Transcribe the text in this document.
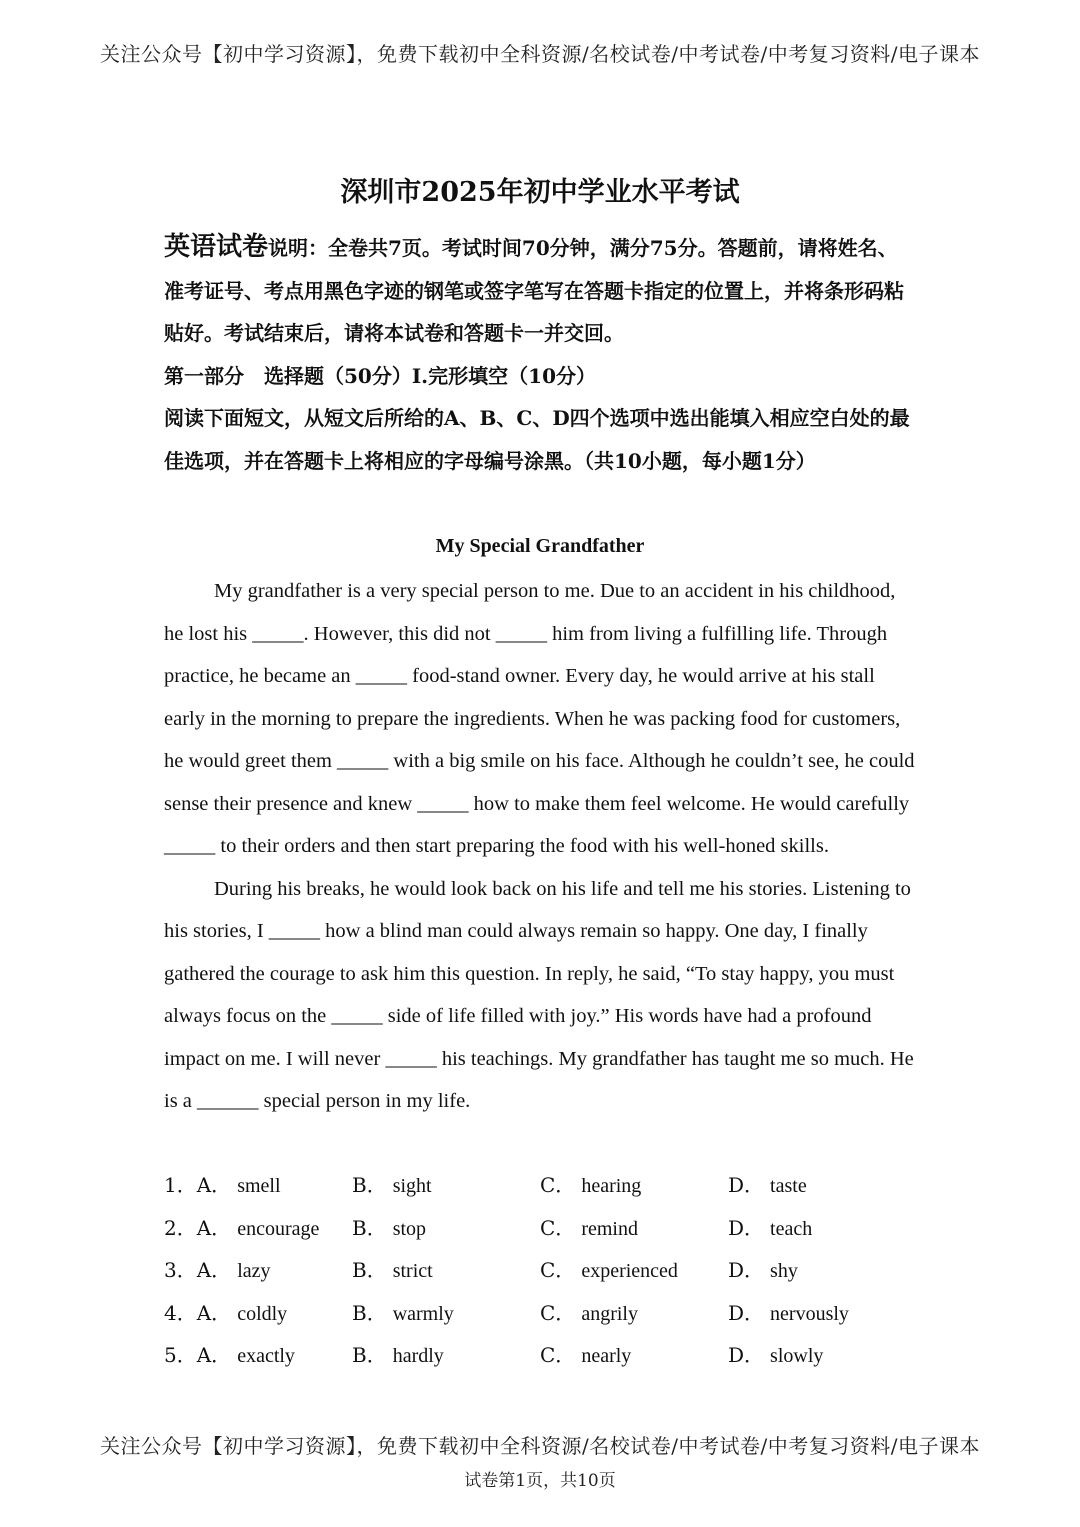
关注公众号【初中学习资源】，免费下载初中全科资源/名校试卷/中考试卷/中考复习资料/电子课本
深圳市2025年初中学业水平考试

英语试卷说明：全卷共7页。考试时间70分钟，满分75分。答题前，请将姓名、准考证号、考点用黑色字迹的钢笔或签字笔写在答题卡指定的位置上，并将条形码粘贴好。考试结束后，请将本试卷和答题卡一并交回。

第一部分　选择题（50分）Ⅰ.完形填空（10分）

阅读下面短文，从短文后所给的A、B、C、D四个选项中选出能填入相应空白处的最佳选项，并在答题卡上将相应的字母编号涂黑。（共10小题，每小题1分）

My Special Grandfather

My grandfather is a very special person to me. Due to an accident in his childhood, he lost his _____. However, this did not _____ him from living a fulfilling life. Through practice, he became an _____ food-stand owner. Every day, he would arrive at his stall early in the morning to prepare the ingredients. When he was packing food for customers, he would greet them _____ with a big smile on his face. Although he couldn’t see, he could sense their presence and knew _____ how to make them feel welcome. He would carefully _____ to their orders and then start preparing the food with his well-honed skills.

During his breaks, he would look back on his life and tell me his stories. Listening to his stories, I _____ how a blind man could always remain so happy. One day, I finally gathered the courage to ask him this question. In reply, he said, “To stay happy, you must always focus on the _____ side of life filled with joy.” His words have had a profound impact on me. I will never _____ his teachings. My grandfather has taught me so much. He is a ______ special person in my life.

1．A． smell	B． sight	C． hearing	D． taste
2．A． encourage B． stop	C． remind	D． teach
3．A． lazy	B． strict	C． experienced	D． shy
4．A． coldly	B． warmly	C． angrily	D． nervously
5．A． exactly	B． hardly	C． nearly	D． slowly
关注公众号【初中学习资源】，免费下载初中全科资源/名校试卷/中考试卷/中考复习资料/电子课本
试卷第1页，共10页
